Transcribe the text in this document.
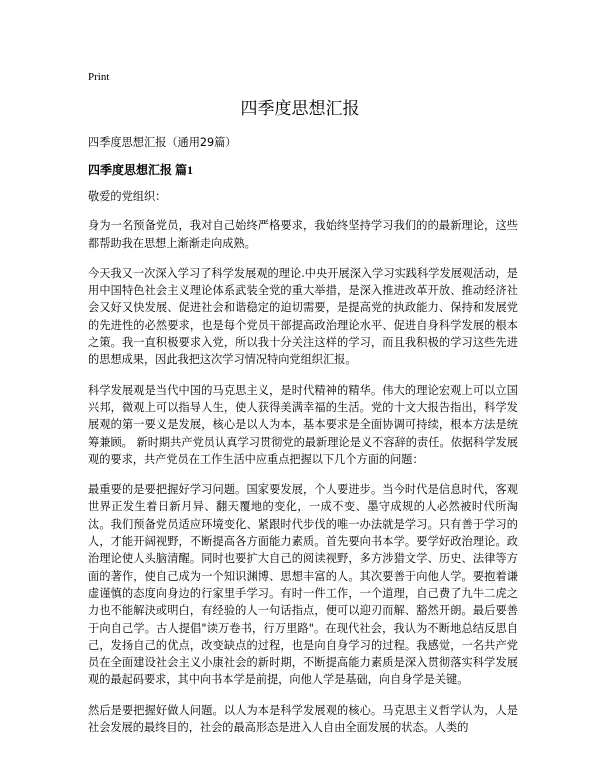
Print
四季度思想汇报
四季度思想汇报（通用29篇）
四季度思想汇报 篇1

敬爱的党组织：

身为一名预备党员，我对自己始终严格要求，我始终坚持学习我们的的最新理论，这些都帮助我在思想上渐渐走向成熟。

今天我又一次深入学习了科学发展观的理论.中央开展深入学习实践科学发展观活动，是用中国特色社会主义理论体系武装全党的重大举措，是深入推进改革开放、推动经济社会又好又快发展、促进社会和谐稳定的迫切需要，是提高党的执政能力、保持和发展党的先进性的必然要求，也是每个党员干部提高政治理论水平、促进自身科学发展的根本之策。我一直积极要求入党，所以我十分关注这样的学习，而且我积极的学习这些先进的思想成果，因此我把这次学习情况特向党组织汇报。

科学发展观是当代中国的马克思主义，是时代精神的精华。伟大的理论宏观上可以立国兴邦，微观上可以指导人生，使人获得美满幸福的生活。党的十文大报告指出，科学发展观的第一要义是发展，核心是以人为本，基本要求是全面协调可持续，根本方法是统筹兼顾。 新时期共产党员认真学习贯彻党的最新理论是义不容辞的责任。依据科学发展观的要求，共产党员在工作生活中应重点把握以下几个方面的问题：

最重要的是要把握好学习问题。国家要发展，个人要进步。当今时代是信息时代，客观世界正发生着日新月异、翻天覆地的变化，一成不变、墨守成规的人必然被时代所淘汰。我们预备党员适应环境变化、紧跟时代步伐的唯一办法就是学习。只有善于学习的人，才能开阔视野，不断提高各方面能力素质。首先要向书本学。要学好政治理论。政治理论使人头脑清醒。同时也要扩大自己的阅读视野，多方涉猎文学、历史、法律等方面的著作，使自己成为一个知识渊博、思想丰富的人。其次要善于向他人学。要抱着谦虚谨慎的态度向身边的行家里手学习。有时一件工作，一个道理，自己费了九牛二虎之力也不能解決或明白，有经验的人一句话指点，便可以迎刃而解、豁然开朗。最后要善于向自己学。古人提倡"读万卷书，行万里路"。在现代社会，我认为不断地总结反思自己，发扬自己的优点，改变缺点的过程，也是向自身学习的过程。我感觉，一名共产党员在全面建设社会主义小康社会的新时期，不断提高能力素质是深入贯彻落实科学发展观的最起码要求，其中向书本学是前提，向他人学是基础，向自身学是关键。

然后是要把握好做人问题。以人为本是科学发展观的核心。马克思主义哲学认为，人是社会发展的最终目的，社会的最高形态是进入人自由全面发展的状态。人类的
